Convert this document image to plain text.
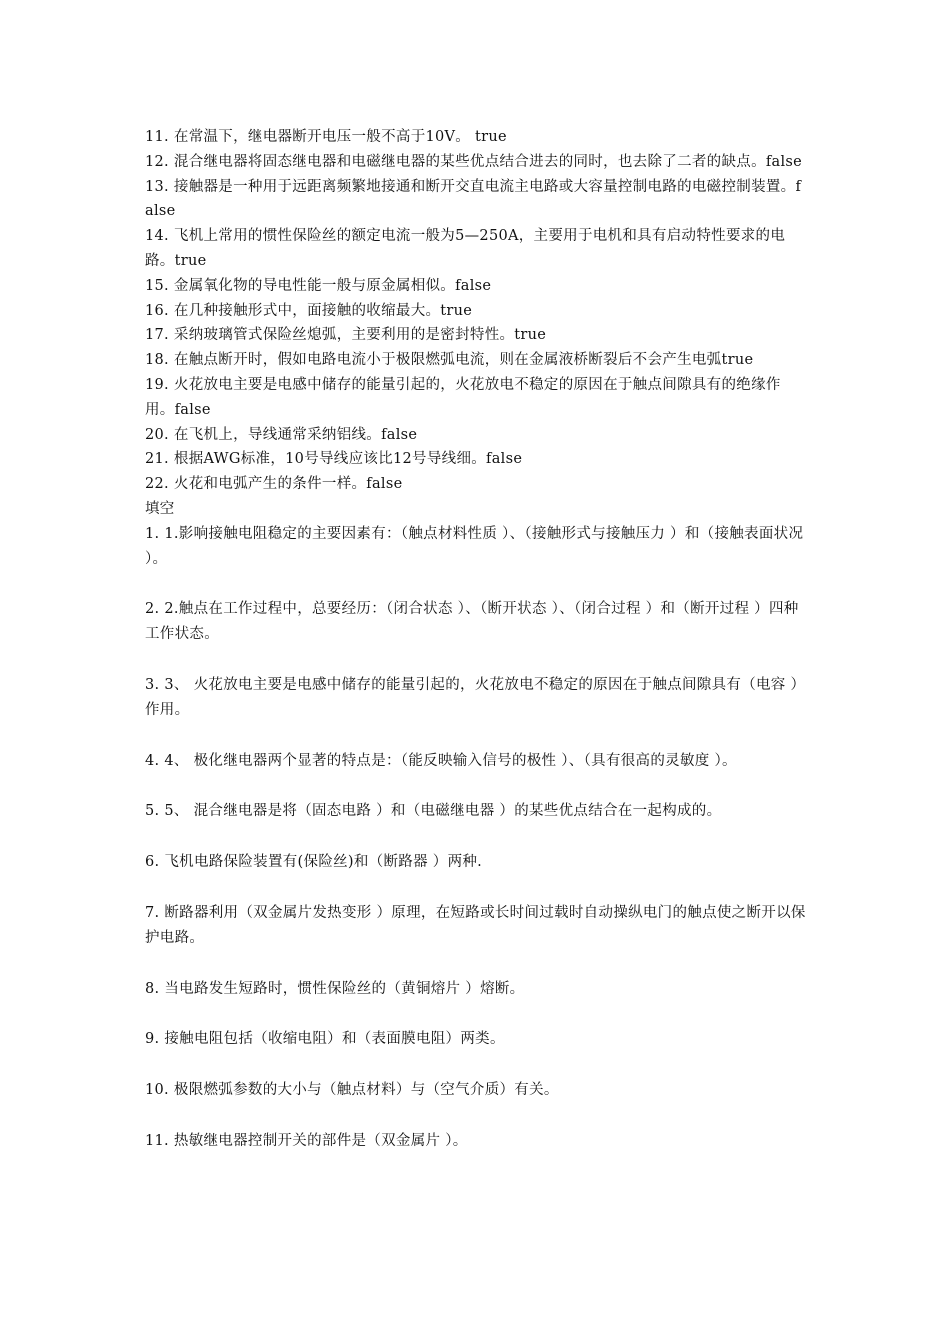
11. 在常温下，继电器断开电压一般不高于10V。 true

12. 混合继电器将固态继电器和电磁继电器的某些优点结合进去的同时，也去除了二者的缺点。false

13. 接触器是一种用于远距离频繁地接通和断开交直电流主电路或大容量控制电路的电磁控制装置。false

14. 飞机上常用的惯性保险丝的额定电流一般为5—250A，主要用于电机和具有启动特性要求的电路。true

15. 金属氧化物的导电性能一般与原金属相似。false

16. 在几种接触形式中，面接触的收缩最大。true

17. 采纳玻璃管式保险丝熄弧，主要利用的是密封特性。true

18. 在触点断开时，假如电路电流小于极限燃弧电流，则在金属液桥断裂后不会产生电弧true

19. 火花放电主要是电感中储存的能量引起的，火花放电不稳定的原因在于触点间隙具有的绝缘作用。false

20. 在飞机上，导线通常采纳铝线。false

21. 根据AWG标准，10号导线应该比12号导线细。false

22. 火花和电弧产生的条件一样。false

填空

1. 1.影响接触电阻稳定的主要因素有：（触点材料性质 ）、（接触形式与接触压力 ）和（接触表面状况 ）。

2. 2.触点在工作过程中，总要经历：（闭合状态 ）、（断开状态 ）、（闭合过程 ）和（断开过程 ）四种工作状态。

3. 3、 火花放电主要是电感中储存的能量引起的，火花放电不稳定的原因在于触点间隙具有（电容 ）作用。

4. 4、 极化继电器两个显著的特点是：（能反映输入信号的极性 ）、（具有很高的灵敏度 ）。

5. 5、 混合继电器是将（固态电路 ）和（电磁继电器 ）的某些优点结合在一起构成的。

6. 飞机电路保险装置有(保险丝)和（断路器 ）两种.

7. 断路器利用（双金属片发热变形 ）原理，在短路或长时间过载时自动操纵电门的触点使之断开以保护电路。

8. 当电路发生短路时，惯性保险丝的（黄铜熔片 ）熔断。

9. 接触电阻包括（收缩电阻）和（表面膜电阻）两类。

10. 极限燃弧参数的大小与（触点材料）与（空气介质）有关。

11. 热敏继电器控制开关的部件是（双金属片 ）。
